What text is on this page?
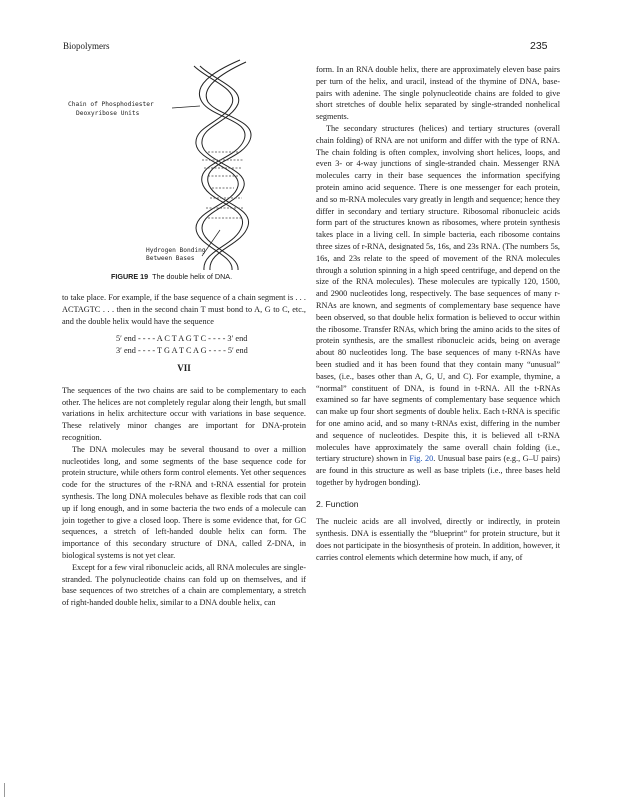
Biopolymers	235
Chain of Phosphodiester
Deoxyribose Units
Hydrogen Bonding
Between Bases
FIGURE 19 The double helix of DNA.

to take place. For example, if the base sequence of a chain segment is . . . ACTAGTC . . . then in the second chain T must bond to A, G to C, etc., and the double helix would have the sequence

5′ end - - - - A C T A G T C - - - - 3′ end
3′ end - - - - T G A T C A G - - - - 5′ end
VII

The sequences of the two chains are said to be complementary to each other. The helices are not completely regular along their length, but small variations in helix architecture occur with variations in base sequence. These relatively minor changes are important for DNA-protein recognition.

The DNA molecules may be several thousand to over a million nucleotides long, and some segments of the base sequence code for protein structure, while others form control elements. Yet other sequences code for the structures of the r-RNA and t-RNA essential for protein synthesis. The long DNA molecules behave as flexible rods that can coil up if long enough, and in some bacteria the two ends of a molecule can join together to give a closed loop. There is some evidence that, for GC sequences, a stretch of left-handed double helix can form. The importance of this secondary structure of DNA, called Z-DNA, in biological systems is not yet clear.

Except for a few viral ribonucleic acids, all RNA molecules are single-stranded. The polynucleotide chains can fold up on themselves, and if base sequences of two stretches of a chain are complementary, a stretch of right-handed double helix, similar to a DNA double helix, can

form. In an RNA double helix, there are approximately eleven base pairs per turn of the helix, and uracil, instead of the thymine of DNA, base-pairs with adenine. The single polynucleotide chains are folded to give short stretches of double helix separated by single-stranded nonhelical segments.

The secondary structures (helices) and tertiary structures (overall chain folding) of RNA are not uniform and differ with the type of RNA. The chain folding is often complex, involving short helices, loops, and even 3- or 4-way junctions of single-stranded chain. Messenger RNA molecules carry in their base sequences the information specifying protein amino acid sequence. There is one messenger for each protein, and so m-RNA molecules vary greatly in length and sequence; hence they differ in secondary and tertiary structure. Ribosomal ribonucleic acids form part of the structures known as ribosomes, where protein synthesis takes place in a living cell. In simple bacteria, each ribosome contains three sizes of r-RNA, designated 5s, 16s, and 23s RNA. (The numbers 5s, 16s, and 23s relate to the speed of movement of the RNA molecules through a solution spinning in a high speed centrifuge, and depend on the size of the RNA molecules). These molecules are typically 120, 1500, and 2900 nucleotides long, respectively. The base sequences of many r-RNAs are known, and segments of complementary base sequence have been observed, so that double helix formation is believed to occur within the ribosome. Transfer RNAs, which bring the amino acids to the sites of protein synthesis, are the smallest ribonucleic acids, being on average about 80 nucleotides long. The base sequences of many t-RNAs have been studied and it has been found that they contain many “unusual” bases, (i.e., bases other than A, G, U, and C). For example, thymine, a “normal” constituent of DNA, is found in t-RNA. All the t-RNAs examined so far have segments of complementary base sequence which can make up four short segments of double helix. Each t-RNA is specific for one amino acid, and so many t-RNAs exist, differing in the number and sequence of nucleotides. Despite this, it is believed all t-RNA molecules have approximately the same overall chain folding (i.e., tertiary structure) shown in Fig. 20. Unusual base pairs (e.g., G–U pairs) are found in this structure as well as base triplets (i.e., three bases held together by hydrogen bonding).

2. Function

The nucleic acids are all involved, directly or indirectly, in protein synthesis. DNA is essentially the “blueprint” for protein structure, but it does not participate in the biosynthesis of protein. In addition, however, it carries control elements which determine how much, if any, of
